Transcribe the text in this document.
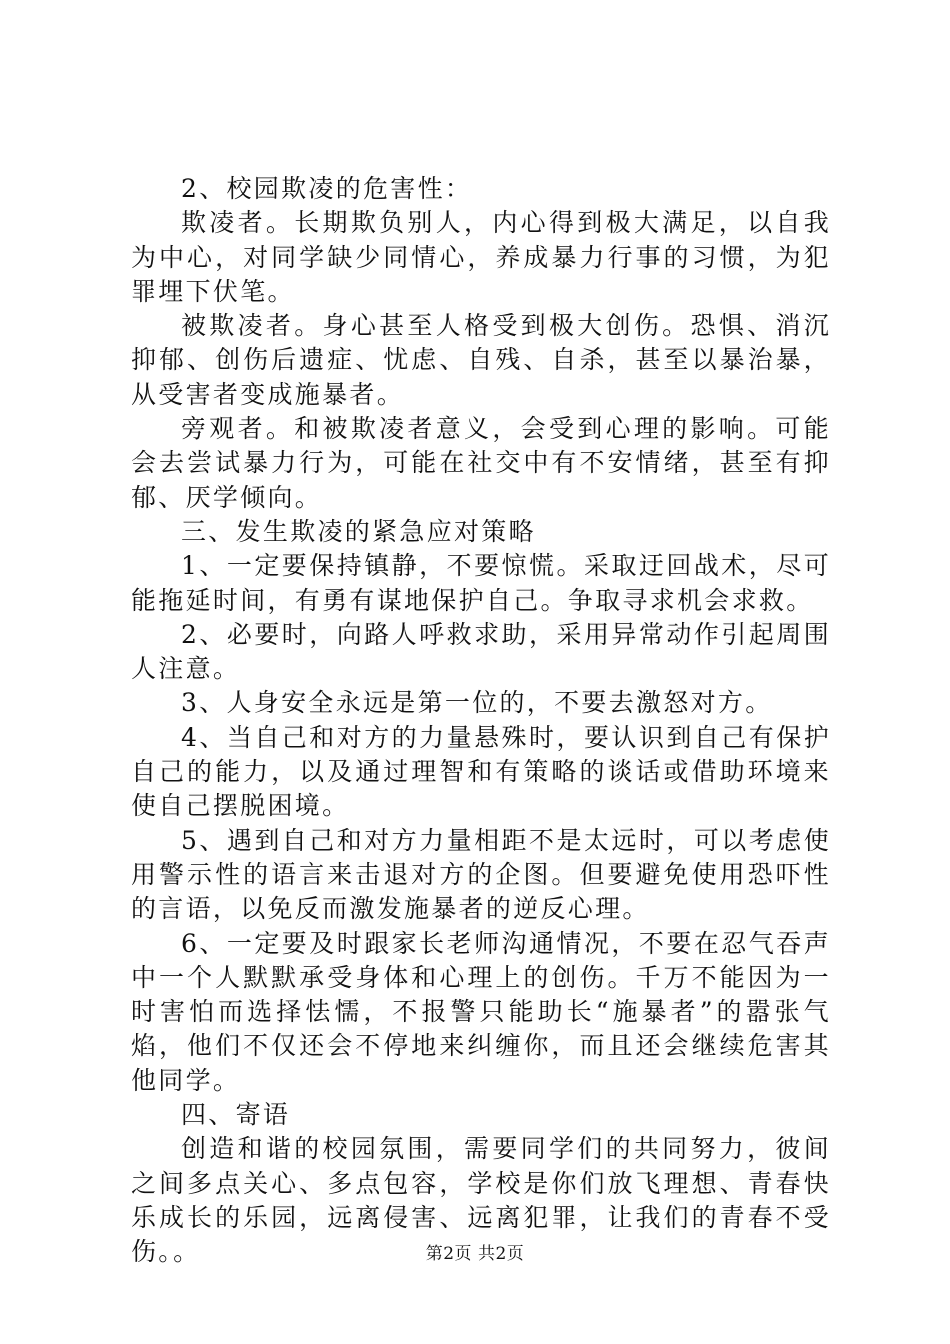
2、校园欺凌的危害性：

欺凌者。长期欺负别人，内心得到极大满足，以自我为中心，对同学缺少同情心，养成暴力行事的习惯，为犯罪埋下伏笔。

被欺凌者。身心甚至人格受到极大创伤。恐惧、消沉抑郁、创伤后遗症、忧虑、自残、自杀，甚至以暴治暴，从受害者变成施暴者。

旁观者。和被欺凌者意义，会受到心理的影响。可能会去尝试暴力行为，可能在社交中有不安情绪，甚至有抑郁、厌学倾向。

三、发生欺凌的紧急应对策略

1、一定要保持镇静，不要惊慌。采取迂回战术，尽可能拖延时间，有勇有谋地保护自己。争取寻求机会求救。

2、必要时，向路人呼救求助，采用异常动作引起周围人注意。

3、人身安全永远是第一位的，不要去激怒对方。

4、当自己和对方的力量悬殊时，要认识到自己有保护自己的能力，以及通过理智和有策略的谈话或借助环境来使自己摆脱困境。

5、遇到自己和对方力量相距不是太远时，可以考虑使用警示性的语言来击退对方的企图。但要避免使用恐吓性的言语，以免反而激发施暴者的逆反心理。

6、一定要及时跟家长老师沟通情况，不要在忍气吞声中一个人默默承受身体和心理上的创伤。千万不能因为一时害怕而选择怯懦，不报警只能助长“施暴者”的嚣张气焰，他们不仅还会不停地来纠缠你，而且还会继续危害其他同学。

四、寄语

创造和谐的校园氛围，需要同学们的共同努力，彼间之间多点关心、多点包容，学校是你们放飞理想、青春快乐成长的乐园，远离侵害、远离犯罪，让我们的青春不受伤。。	第2页 共2页
